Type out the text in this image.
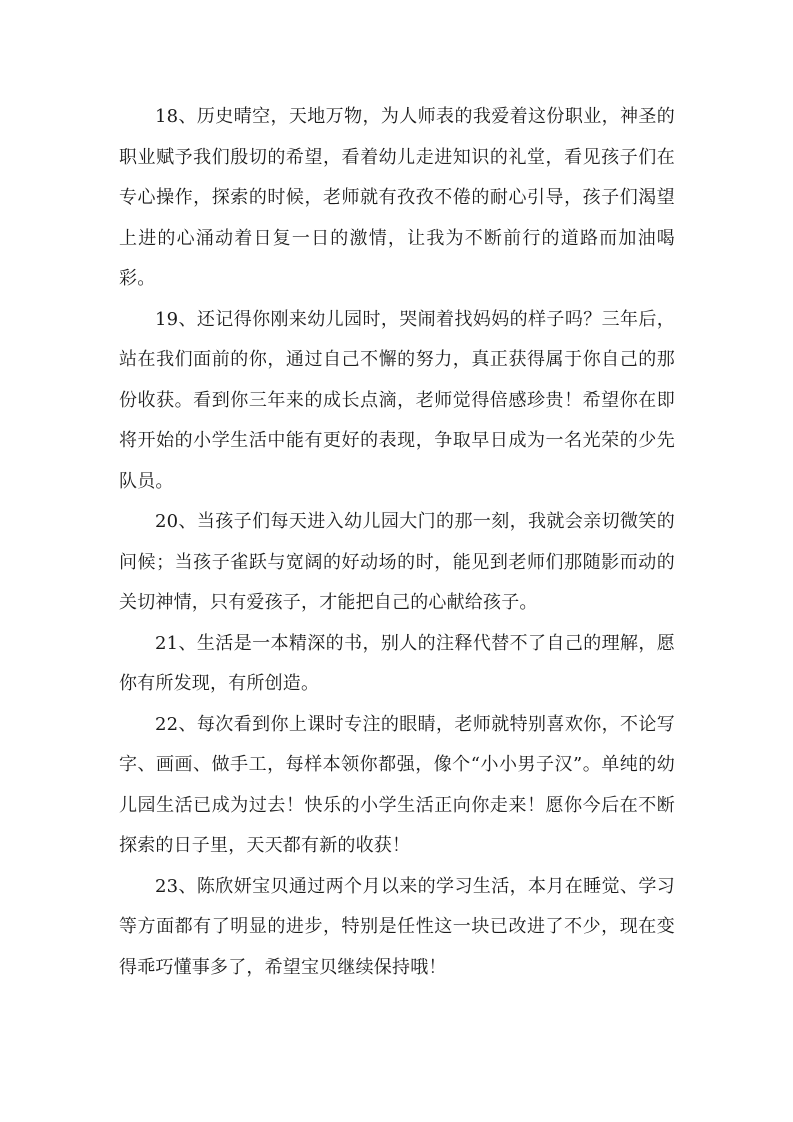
18、历史晴空，天地万物，为人师表的我爱着这份职业，神圣的职业赋予我们殷切的希望，看着幼儿走进知识的礼堂，看见孩子们在专心操作，探索的时候，老师就有孜孜不倦的耐心引导，孩子们渴望上进的心涌动着日复一日的激情，让我为不断前行的道路而加油喝彩。

19、还记得你刚来幼儿园时，哭闹着找妈妈的样子吗？三年后，站在我们面前的你，通过自己不懈的努力，真正获得属于你自己的那份收获。看到你三年来的成长点滴，老师觉得倍感珍贵！希望你在即将开始的小学生活中能有更好的表现，争取早日成为一名光荣的少先队员。

20、当孩子们每天进入幼儿园大门的那一刻，我就会亲切微笑的问候；当孩子雀跃与宽阔的好动场的时，能见到老师们那随影而动的关切神情，只有爱孩子，才能把自己的心献给孩子。

21、生活是一本精深的书，别人的注释代替不了自己的理解，愿你有所发现，有所创造。

22、每次看到你上课时专注的眼睛，老师就特别喜欢你，不论写字、画画、做手工，每样本领你都强，像个“小小男子汉”。单纯的幼儿园生活已成为过去！快乐的小学生活正向你走来！愿你今后在不断探索的日子里，天天都有新的收获！

23、陈欣妍宝贝通过两个月以来的学习生活，本月在睡觉、学习等方面都有了明显的进步，特别是任性这一块已改进了不少，现在变得乖巧懂事多了，希望宝贝继续保持哦！
